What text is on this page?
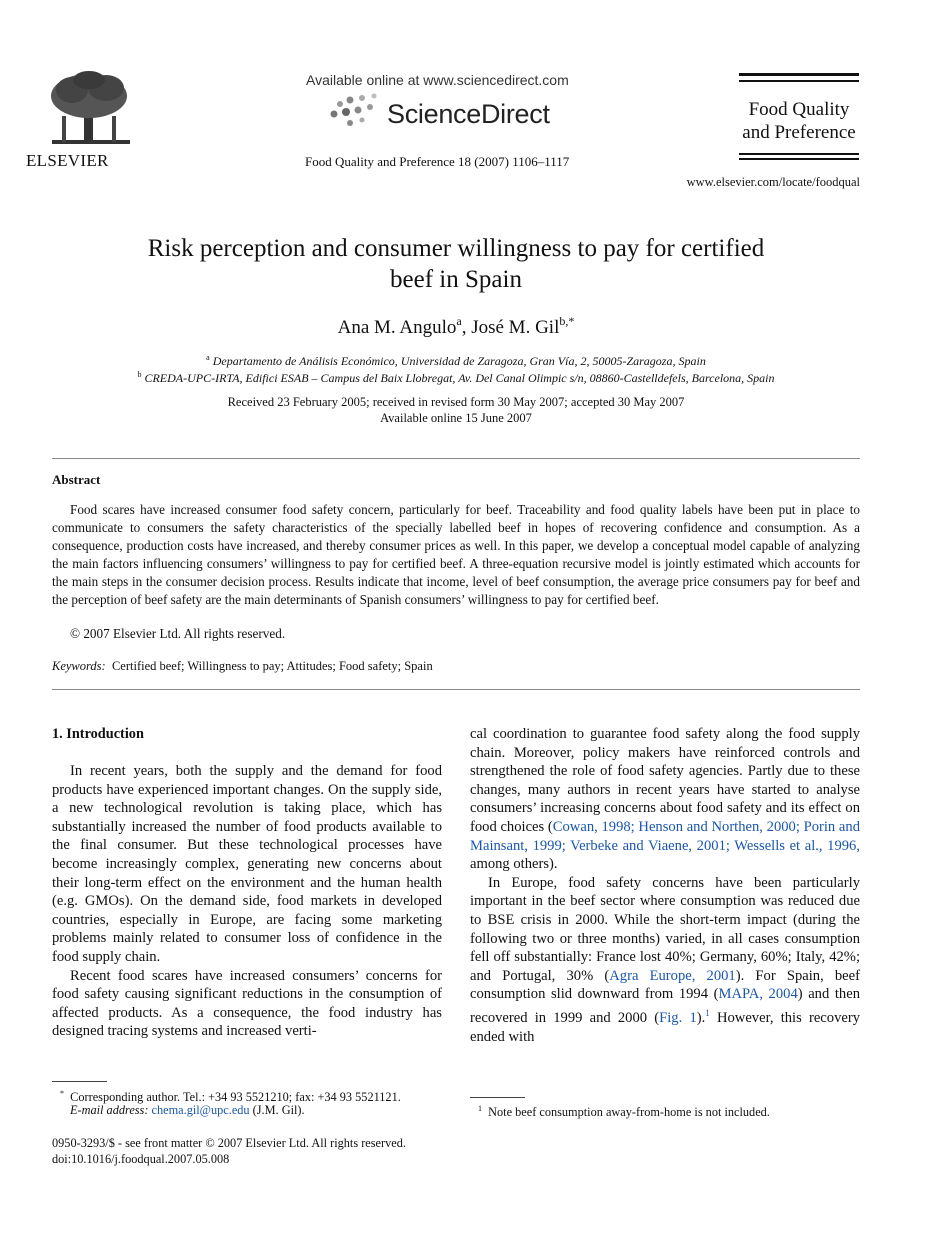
ELSEVIER
Available online at www.sciencedirect.com
ScienceDirect
Food Quality and Preference 18 (2007) 1106–1117
Food Quality
and Preference
www.elsevier.com/locate/foodqual
Risk perception and consumer willingness to pay for certified
beef in Spain
Ana M. Angulo$^a$, José M. Gil$^{b,*}$
$^a$ Departamento de Análisis Económico, Universidad de Zaragoza, Gran Vía, 2, 50005-Zaragoza, Spain
$^b$ CREDA-UPC-IRTA, Edifici ESAB – Campus del Baix Llobregat, Av. Del Canal Olimpic s/n, 08860-Castelldefels, Barcelona, Spain
Received 23 February 2005; received in revised form 30 May 2007; accepted 30 May 2007
Available online 15 June 2007
Abstract
Food scares have increased consumer food safety concern, particularly for beef. Traceability and food quality labels have been put in place to communicate to consumers the safety characteristics of the specially labelled beef in hopes of recovering confidence and consumption. As a consequence, production costs have increased, and thereby consumer prices as well. In this paper, we develop a conceptual model capable of analyzing the main factors influencing consumers’ willingness to pay for certified beef. A three-equation recursive model is jointly estimated which accounts for the main steps in the consumer decision process. Results indicate that income, level of beef consumption, the average price consumers pay for beef and the perception of beef safety are the main determinants of Spanish consumers’ willingness to pay for certified beef.
© 2007 Elsevier Ltd. All rights reserved.
Keywords: Certified beef; Willingness to pay; Attitudes; Food safety; Spain
1. Introduction

In recent years, both the supply and the demand for food products have experienced important changes. On the supply side, a new technological revolution is taking place, which has substantially increased the number of food products available to the final consumer. But these technological processes have become increasingly complex, generating new concerns about their long-term effect on the environment and the human health (e.g. GMOs). On the demand side, food markets in developed countries, especially in Europe, are facing some marketing problems mainly related to consumer loss of confidence in the food supply chain.

Recent food scares have increased consumers’ concerns for food safety causing significant reductions in the consumption of affected products. As a consequence, the food industry has designed tracing systems and increased verti-

cal coordination to guarantee food safety along the food supply chain. Moreover, policy makers have reinforced controls and strengthened the role of food safety agencies. Partly due to these changes, many authors in recent years have started to analyse consumers’ increasing concerns about food safety and its effect on food choices (Cowan, 1998; Henson and Northen, 2000; Porin and Mainsant, 1999; Verbeke and Viaene, 2001; Wessells et al., 1996, among others).

In Europe, food safety concerns have been particularly important in the beef sector where consumption was reduced due to BSE crisis in 2000. While the short-term impact (during the following two or three months) varied, in all cases consumption fell off substantially: France lost 40%; Germany, 60%; Italy, 42%; and Portugal, 30% (Agra Europe, 2001). For Spain, beef consumption slid downward from 1994 (MAPA, 2004) and then recovered in 1999 and 2000 (Fig. 1).$^1$ However, this recovery ended with

* Corresponding author. Tel.: +34 93 5521210; fax: +34 93 5521121.
E-mail address: chema.gil@upc.edu (J.M. Gil).	$^1$ Note beef consumption away-from-home is not included.
0950-3293/$ - see front matter © 2007 Elsevier Ltd. All rights reserved.
doi:10.1016/j.foodqual.2007.05.008
